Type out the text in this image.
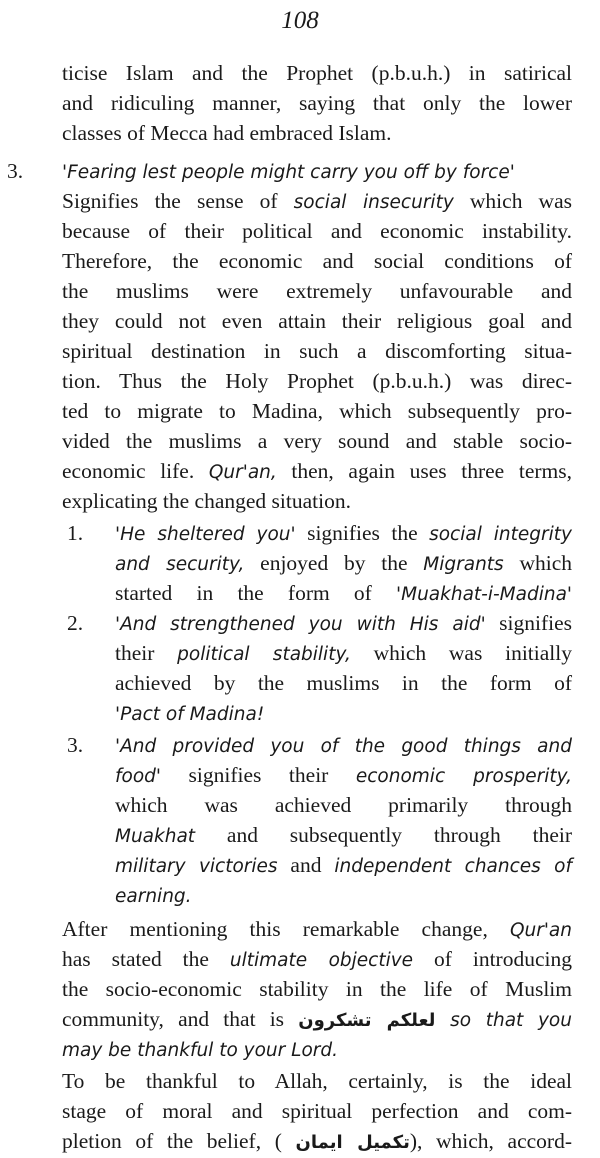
108
ticise Islam and the Prophet (p.b.u.h.) in satirical
and ridiculing manner, saying that only the lower
classes of Mecca had embraced Islam.
3. 'Fearing lest people might carry you off by force'
Signifies the sense of social insecurity which was
because of their political and economic instability.
Therefore, the economic and social conditions of
the muslims were extremely unfavourable and
they could not even attain their religious goal and
spiritual destination in such a discomforting situa-
tion. Thus the Holy Prophet (p.b.u.h.) was direc-
ted to migrate to Madina, which subsequently pro-
vided the muslims a very sound and stable socio-
economic life. Qur'an, then, again uses three terms,
explicating the changed situation.
1. 'He sheltered you' signifies the social integrity
and security, enjoyed by the Migrants which
started in the form of 'Muakhat-i-Madina'
2. 'And strengthened you with His aid' signifies
their political stability, which was initially
achieved by the muslims in the form of
'Pact of Madina!
3. 'And provided you of the good things and
food' signifies their economic prosperity,
which was achieved primarily through
Muakhat and subsequently through their
military victories and independent chances of
earning.
After mentioning this remarkable change, Qur'an
has stated the ultimate objective of introducing
the socio-economic stability in the life of Muslim
community, and that is لعلكم تشكرون so that you
may be thankful to your Lord.
To be thankful to Allah, certainly, is the ideal
stage of moral and spiritual perfection and com-
pletion of the belief, ( تكميل ايمان), which, accord-
